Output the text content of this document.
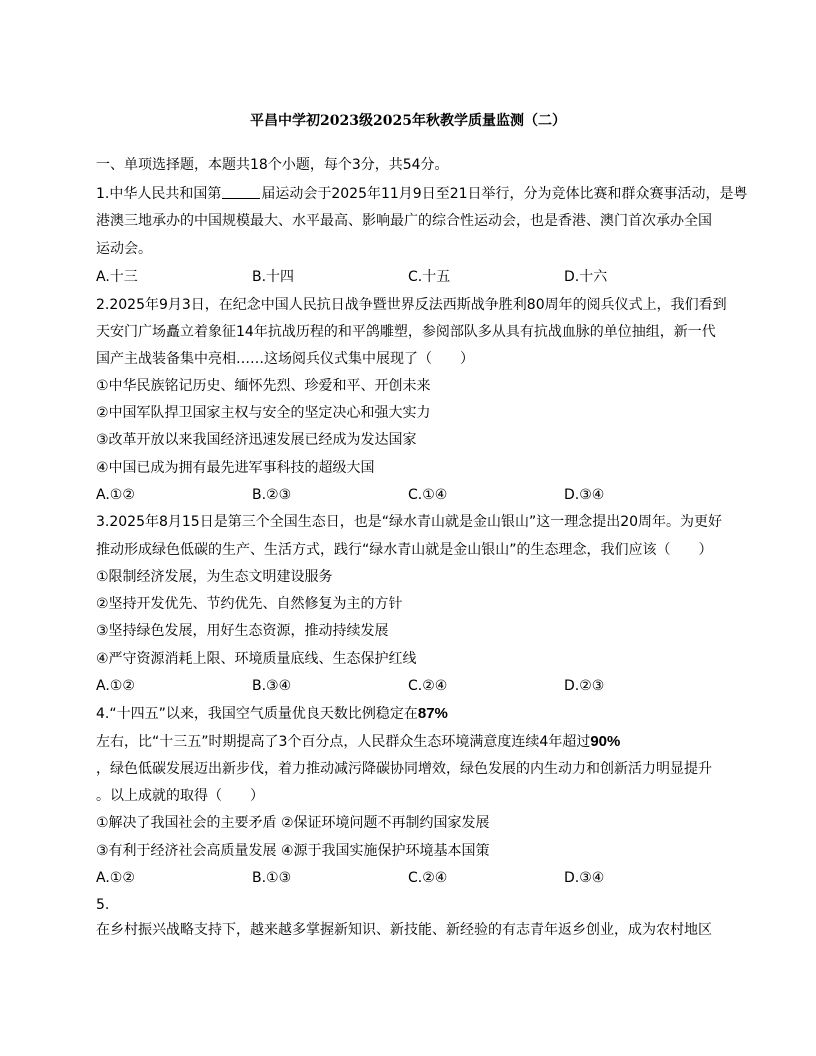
平昌中学初2023级2025年秋教学质量监测（二）
一、单项选择题，本题共18个小题，每个3分，共54分。
1.中华人民共和国第	届运动会于2025年11月9日至21日举行，分为竞体比赛和群众赛事活动，是粤
港澳三地承办的中国规模最大、水平最高、影响最广的综合性运动会，也是香港、澳门首次承办全国
运动会。
A.十三	B.十四	C.十五	D.十六
2.2025年9月3日，在纪念中国人民抗日战争暨世界反法西斯战争胜利80周年的阅兵仪式上，我们看到
天安门广场矗立着象征14年抗战历程的和平鸽雕塑，参阅部队多从具有抗战血脉的单位抽组，新一代
国产主战装备集中亮相……这场阅兵仪式集中展现了（　　）
①中华民族铭记历史、缅怀先烈、珍爱和平、开创未来
②中国军队捍卫国家主权与安全的坚定决心和强大实力
③改革开放以来我国经济迅速发展已经成为发达国家
④中国已成为拥有最先进军事科技的超级大国
A.①②	B.②③	C.①④	D.③④
3.2025年8月15日是第三个全国生态日，也是“绿水青山就是金山银山”这一理念提出20周年。为更好
推动形成绿色低碳的生产、生活方式，践行“绿水青山就是金山银山”的生态理念，我们应该（　　）
①限制经济发展，为生态文明建设服务
②坚持开发优先、节约优先、自然修复为主的方针
③坚持绿色发展，用好生态资源，推动持续发展
④严守资源消耗上限、环境质量底线、生态保护红线
A.①②	B.③④	C.②④	D.②③
4.“十四五”以来，我国空气质量优良天数比例稳定在87%
左右，比“十三五”时期提高了3个百分点，人民群众生态环境满意度连续4年超过90%
，绿色低碳发展迈出新步伐，着力推动减污降碳协同增效，绿色发展的内生动力和创新活力明显提升
。以上成就的取得（　　）
①解决了我国社会的主要矛盾 ②保证环境问题不再制约国家发展
③有利于经济社会高质量发展 ④源于我国实施保护环境基本国策
A.①②	B.①③	C.②④	D.③④
5.
在乡村振兴战略支持下，越来越多掌握新知识、新技能、新经验的有志青年返乡创业，成为农村地区
